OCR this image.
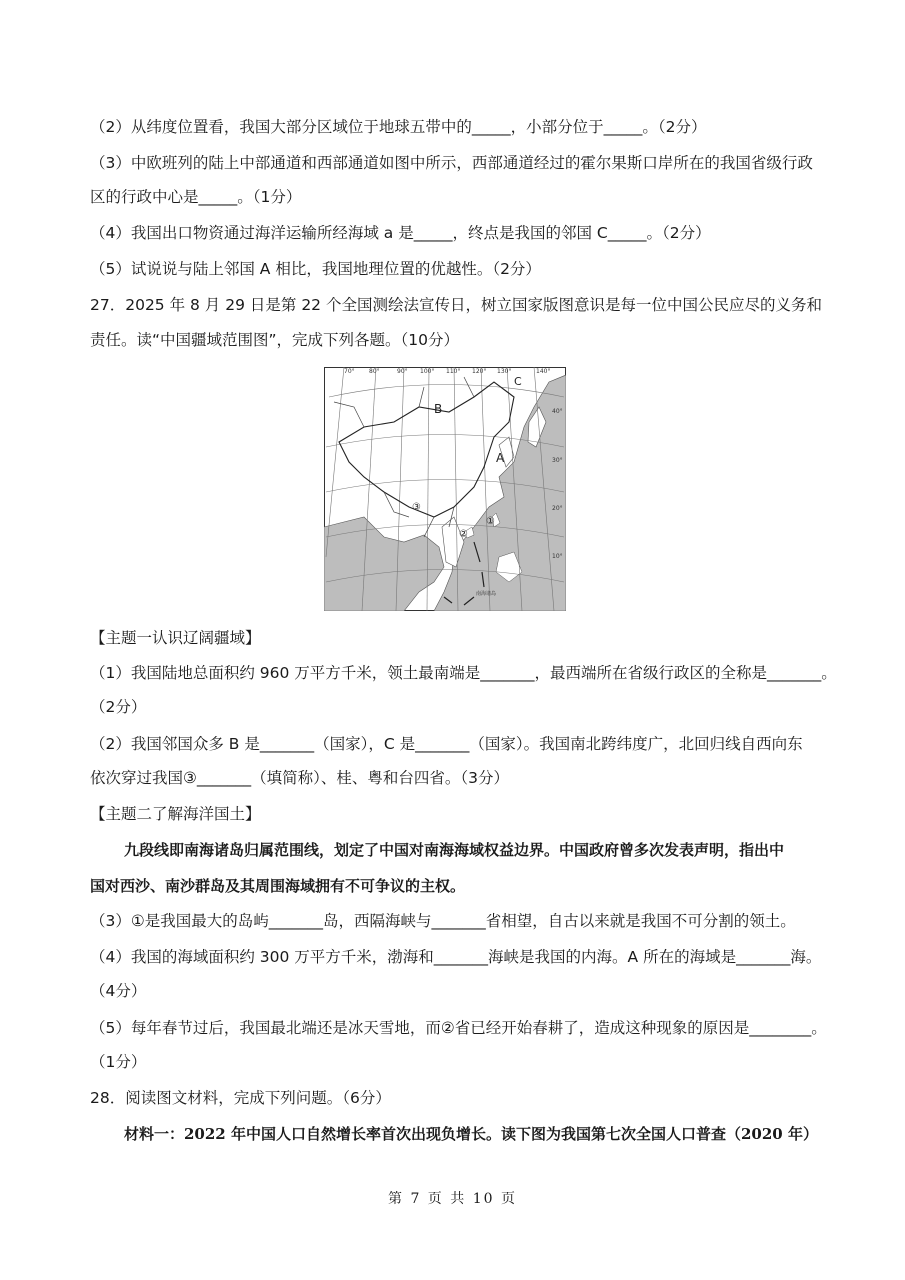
（2）从纬度位置看，我国大部分区域位于地球五带中的_____，小部分位于_____。（2分）
（3）中欧班列的陆上中部通道和西部通道如图中所示，西部通道经过的霍尔果斯口岸所在的我国省级行政
区的行政中心是_____。（1分）
（4）我国出口物资通过海洋运输所经海域 a 是_____，终点是我国的邻国 C_____。（2分）
（5）试说说与陆上邻国 A 相比，我国地理位置的优越性。（2分）
27．2025 年 8 月 29 日是第 22 个全国测绘法宣传日，树立国家版图意识是每一位中国公民应尽的义务和
责任。读“中国疆域范围图”，完成下列各题。（10分）
70° 80°	90° 100° 110° 120° 130°	140°
40°
30°
20°
10°
B
A
C
①
②
③
南海诸岛
【主题一认识辽阔疆域】
（1）我国陆地总面积约 960 万平方千米，领土最南端是_______，最西端所在省级行政区的全称是_______。
（2分）
（2）我国邻国众多 B 是_______（国家），C 是_______（国家）。我国南北跨纬度广，北回归线自西向东
依次穿过我国③_______（填简称）、桂、粤和台四省。（3分）
【主题二了解海洋国土】
九段线即南海诸岛归属范围线，划定了中国对南海海域权益边界。中国政府曾多次发表声明，指出中
国对西沙、南沙群岛及其周围海域拥有不可争议的主权。
（3）①是我国最大的岛屿_______岛，西隔海峡与_______省相望，自古以来就是我国不可分割的领土。
（4）我国的海域面积约 300 万平方千米，渤海和_______海峡是我国的内海。A 所在的海域是_______海。
（4分）
（5）每年春节过后，我国最北端还是冰天雪地，而②省已经开始春耕了，造成这种现象的原因是________。
（1分）
28．阅读图文材料，完成下列问题。（6分）
材料一：2022 年中国人口自然增长率首次出现负增长。读下图为我国第七次全国人口普查（2020 年）
第 7 页 共 10 页
